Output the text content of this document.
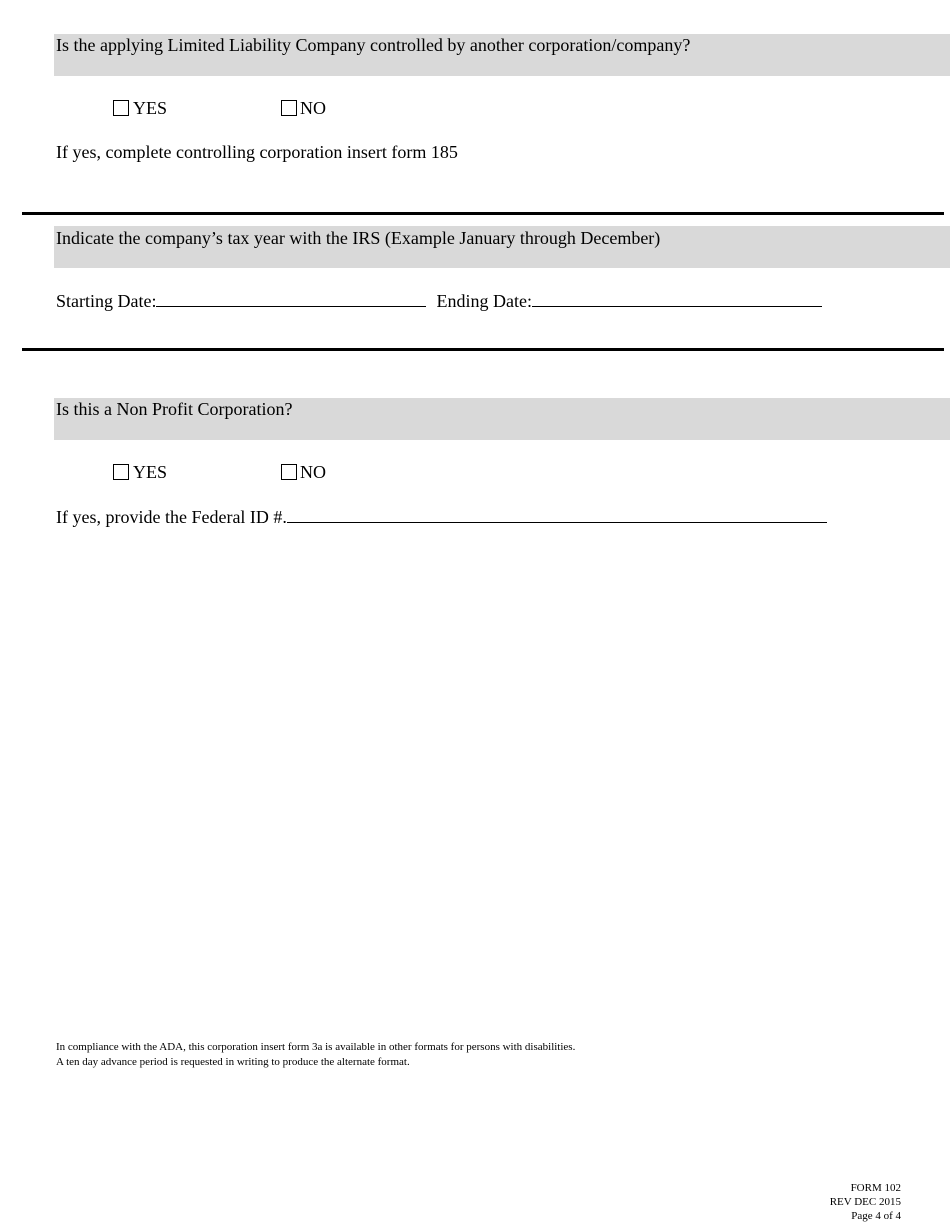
Is the applying Limited Liability Company controlled by another corporation/company?
YES	NO
If yes, complete controlling corporation insert form 185
Indicate the company’s tax year with the IRS (Example January through December)
Starting Date:	Ending Date:
Is this a Non Profit Corporation?
YES	NO
If yes, provide the Federal ID #.
In compliance with the ADA, this corporation insert form 3a is available in other formats for persons with disabilities.
A ten day advance period is requested in writing to produce the alternate format.
FORM 102
REV DEC 2015
Page 4 of 4
